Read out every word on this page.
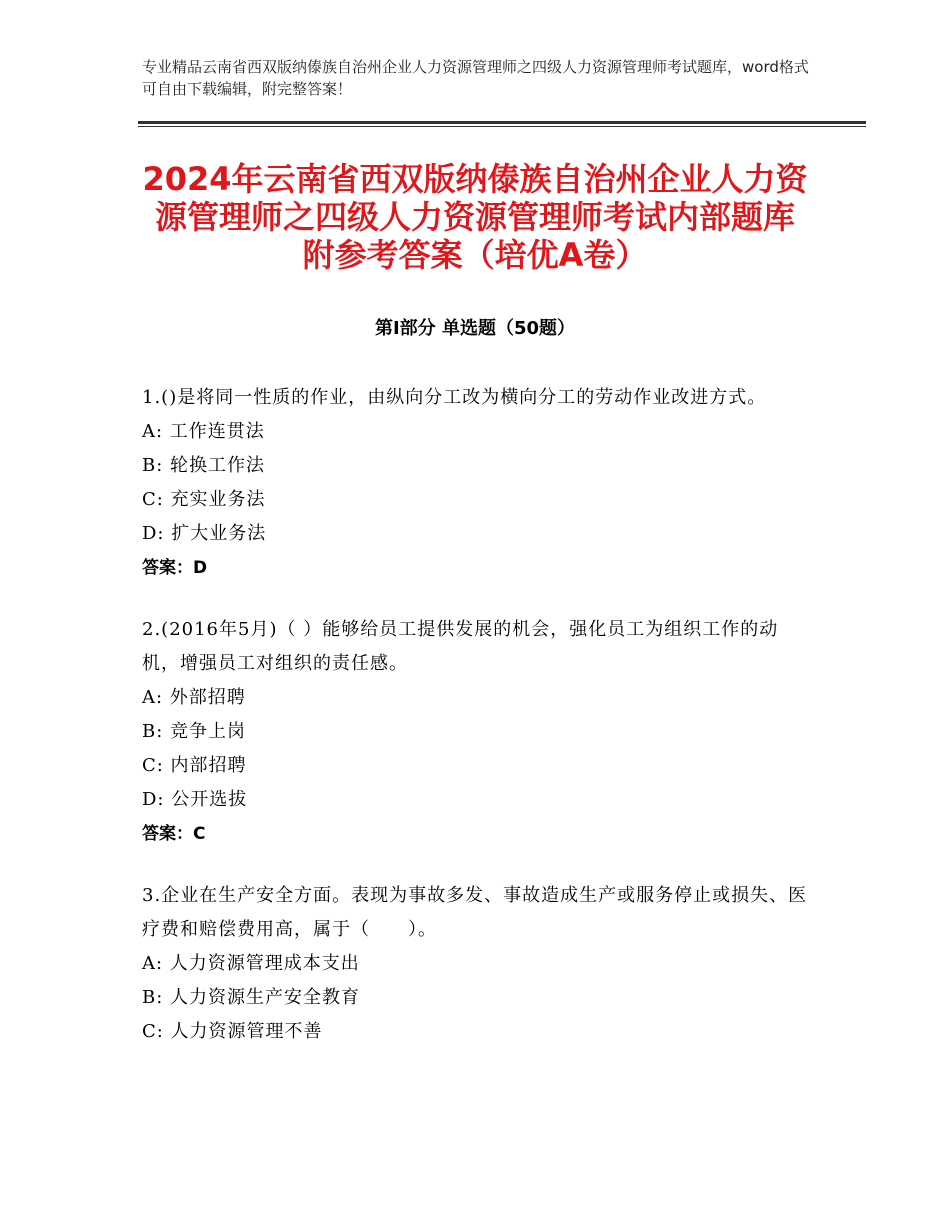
专业精品云南省西双版纳傣族自治州企业人力资源管理师之四级人力资源管理师考试题库，word格式可自由下载编辑，附完整答案！
2024年云南省西双版纳傣族自治州企业人力资源管理师之四级人力资源管理师考试内部题库附参考答案（培优A卷）
第Ⅰ部分 单选题（50题）
1.()是将同一性质的作业，由纵向分工改为横向分工的劳动作业改进方式。
A: 工作连贯法
B: 轮换工作法
C: 充实业务法
D: 扩大业务法
答案：D
2.(2016年5月)（ ）能够给员工提供发展的机会，强化员工为组织工作的动机，增强员工对组织的责任感。
A: 外部招聘
B: 竞争上岗
C: 内部招聘
D: 公开选拔
答案：C
3.企业在生产安全方面。表现为事故多发、事故造成生产或服务停止或损失、医疗费和赔偿费用高，属于（　　）。
A: 人力资源管理成本支出
B: 人力资源生产安全教育
C: 人力资源管理不善
